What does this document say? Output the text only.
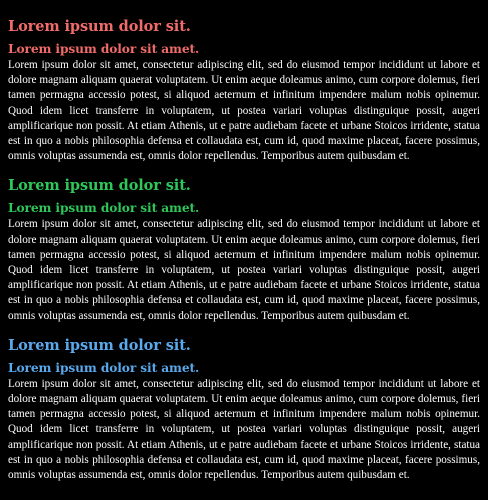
Lorem ipsum dolor sit.
Lorem ipsum dolor sit amet.

Lorem ipsum dolor sit amet, consectetur adipiscing elit, sed do eiusmod tempor incididunt ut labore et dolore magnam aliquam quaerat voluptatem. Ut enim aeque doleamus animo, cum corpore dolemus, fieri tamen permagna accessio potest, si aliquod aeternum et infinitum impendere malum nobis opinemur. Quod idem licet transferre in voluptatem, ut postea variari voluptas distinguique possit, augeri amplificarique non possit. At etiam Athenis, ut e patre audiebam facete et urbane Stoicos irridente, statua est in quo a nobis philosophia defensa et collaudata est, cum id, quod maxime placeat, facere possimus, omnis voluptas assumenda est, omnis dolor repellendus. Temporibus autem quibusdam et.

Lorem ipsum dolor sit.
Lorem ipsum dolor sit amet.

Lorem ipsum dolor sit amet, consectetur adipiscing elit, sed do eiusmod tempor incididunt ut labore et dolore magnam aliquam quaerat voluptatem. Ut enim aeque doleamus animo, cum corpore dolemus, fieri tamen permagna accessio potest, si aliquod aeternum et infinitum impendere malum nobis opinemur. Quod idem licet transferre in voluptatem, ut postea variari voluptas distinguique possit, augeri amplificarique non possit. At etiam Athenis, ut e patre audiebam facete et urbane Stoicos irridente, statua est in quo a nobis philosophia defensa et collaudata est, cum id, quod maxime placeat, facere possimus, omnis voluptas assumenda est, omnis dolor repellendus. Temporibus autem quibusdam et.

Lorem ipsum dolor sit.
Lorem ipsum dolor sit amet.

Lorem ipsum dolor sit amet, consectetur adipiscing elit, sed do eiusmod tempor incididunt ut labore et dolore magnam aliquam quaerat voluptatem. Ut enim aeque doleamus animo, cum corpore dolemus, fieri tamen permagna accessio potest, si aliquod aeternum et infinitum impendere malum nobis opinemur. Quod idem licet transferre in voluptatem, ut postea variari voluptas distinguique possit, augeri amplificarique non possit. At etiam Athenis, ut e patre audiebam facete et urbane Stoicos irridente, statua est in quo a nobis philosophia defensa et collaudata est, cum id, quod maxime placeat, facere possimus, omnis voluptas assumenda est, omnis dolor repellendus. Temporibus autem quibusdam et.
